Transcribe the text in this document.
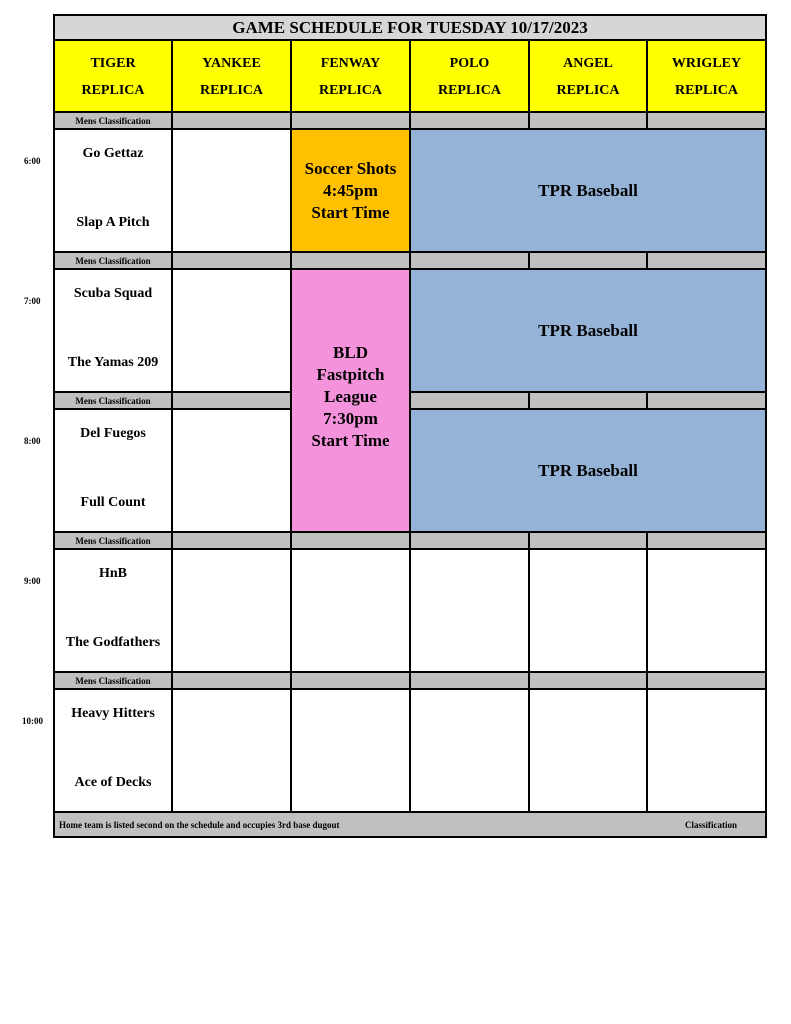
GAME SCHEDULE FOR TUESDAY 10/17/2023
TIGER
REPLICA
YANKEE
REPLICA
FENWAY
REPLICA
POLO
REPLICA
ANGEL
REPLICA
WRIGLEY
REPLICA
Mens Classification
Go Gettaz
Slap A Pitch
Soccer Shots
4:45pm
Start Time
TPR Baseball
Mens Classification
Scuba Squad
The Yamas 209
TPR Baseball
Mens Classification
Del Fuegos
Full Count
TPR Baseball
BLD
Fastpitch
League
7:30pm
Start Time
Mens Classification
HnB
The Godfathers
Mens Classification
Heavy Hitters
Ace of Decks
Home team is listed second on the schedule and occupies 3rd base dugout	Classification
6:00
7:00
8:00
9:00
10:00
